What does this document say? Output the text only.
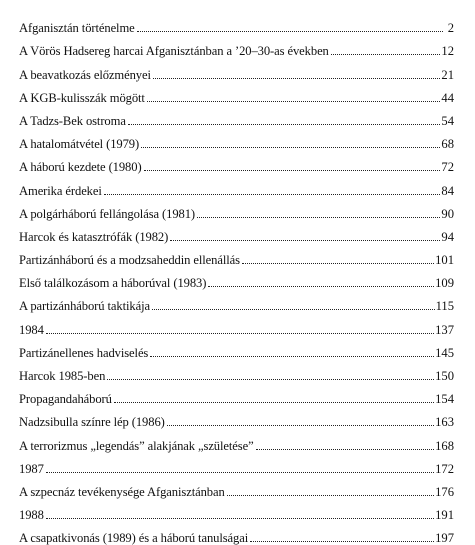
Afganisztán történelme	2
A Vörös Hadsereg harcai Afganisztánban a ’20–30-as években	12
A beavatkozás előzményei	21
A KGB-kulisszák mögött	44
A Tadzs-Bek ostroma	54
A hatalomátvétel (1979)	68
A háború kezdete (1980)	72
Amerika érdekei	84
A polgárháború fellángolása (1981)	90
Harcok és katasztrófák (1982)	94
Partizánháború és a modzsaheddin ellenállás	101
Első találkozásom a háborúval (1983)	109
A partizánháború taktikája	115
1984	137
Partizánellenes hadviselés	145
Harcok 1985-ben	150
Propagandaháború	154
Nadzsibulla színre lép (1986)	163
A terrorizmus „legendás” alakjának „születése”	168
1987	172
A szpecnáz tevékenysége Afganisztánban	176
1988	191
A csapatkivonás (1989) és a háború tanulságai	197
